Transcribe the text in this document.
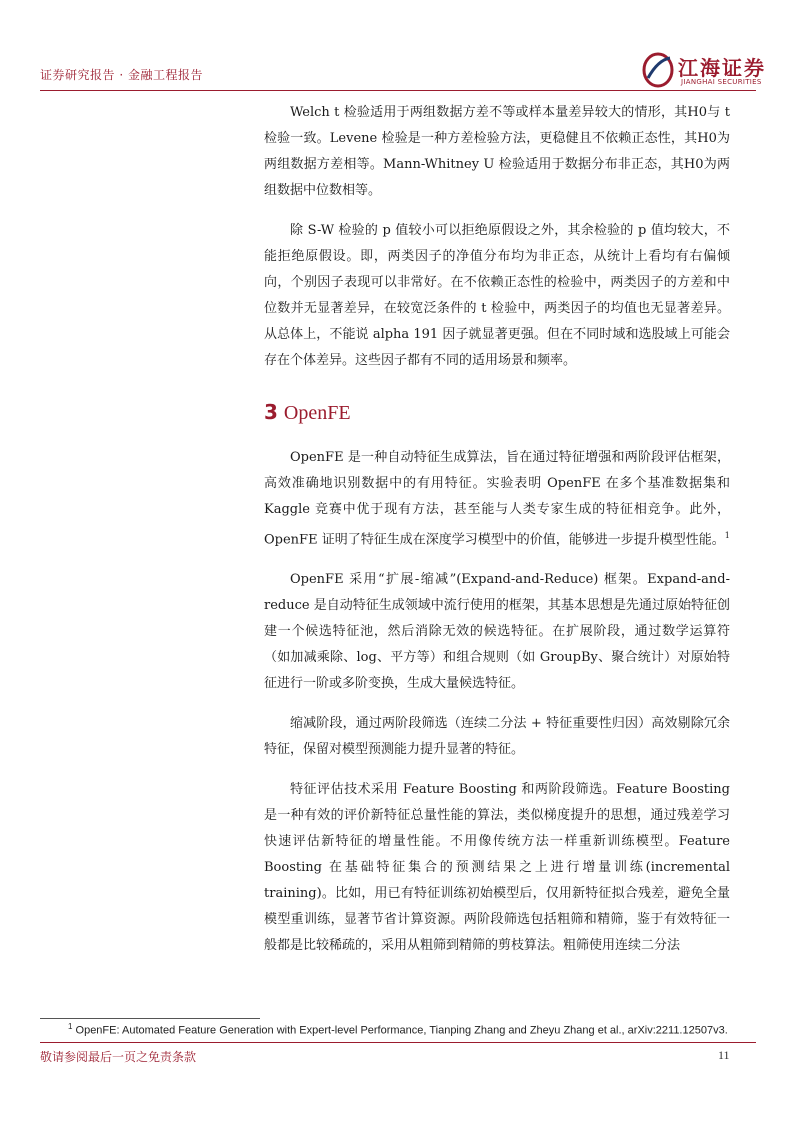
证券研究报告 · 金融工程报告	江海证券
JIANGHAI SECURITIES

Welch t 检验适用于两组数据方差不等或样本量差异较大的情形，其H0与 t 检验一致。Levene 检验是一种方差检验方法，更稳健且不依赖正态性，其H0为两组数据方差相等。Mann-Whitney U 检验适用于数据分布非正态，其H0为两组数据中位数相等。

除 S-W 检验的 p 值较小可以拒绝原假设之外，其余检验的 p 值均较大，不能拒绝原假设。即，两类因子的净值分布均为非正态，从统计上看均有右偏倾向，个别因子表现可以非常好。在不依赖正态性的检验中，两类因子的方差和中位数并无显著差异，在较宽泛条件的 t 检验中，两类因子的均值也无显著差异。从总体上，不能说 alpha 191 因子就显著更强。但在不同时域和选股域上可能会存在个体差异。这些因子都有不同的适用场景和频率。

3 OpenFE

OpenFE 是一种自动特征生成算法，旨在通过特征增强和两阶段评估框架，高效准确地识别数据中的有用特征。实验表明 OpenFE 在多个基准数据集和 Kaggle 竞赛中优于现有方法，甚至能与人类专家生成的特征相竞争。此外，OpenFE 证明了特征生成在深度学习模型中的价值，能够进一步提升模型性能。$^1$

OpenFE 采用“扩展-缩减”(Expand-and-Reduce) 框架。Expand-and-reduce 是自动特征生成领域中流行使用的框架，其基本思想是先通过原始特征创建一个候选特征池，然后消除无效的候选特征。在扩展阶段，通过数学运算符（如加减乘除、log、平方等）和组合规则（如 GroupBy、聚合统计）对原始特征进行一阶或多阶变换，生成大量候选特征。

缩减阶段，通过两阶段筛选（连续二分法 + 特征重要性归因）高效剔除冗余特征，保留对模型预测能力提升显著的特征。

特征评估技术采用 Feature Boosting 和两阶段筛选。Feature Boosting 是一种有效的评价新特征总量性能的算法，类似梯度提升的思想，通过残差学习快速评估新特征的增量性能。不用像传统方法一样重新训练模型。Feature Boosting 在基础特征集合的预测结果之上进行增量训练(incremental training)。比如，用已有特征训练初始模型后，仅用新特征拟合残差，避免全量模型重训练，显著节省计算资源。两阶段筛选包括粗筛和精筛，鉴于有效特征一般都是比较稀疏的，采用从粗筛到精筛的剪枝算法。粗筛使用连续二分法

$^1$ OpenFE: Automated Feature Generation with Expert-level Performance, Tianping Zhang and Zheyu Zhang et al., arXiv:2211.12507v3.
敬请参阅最后一页之免责条款	11
